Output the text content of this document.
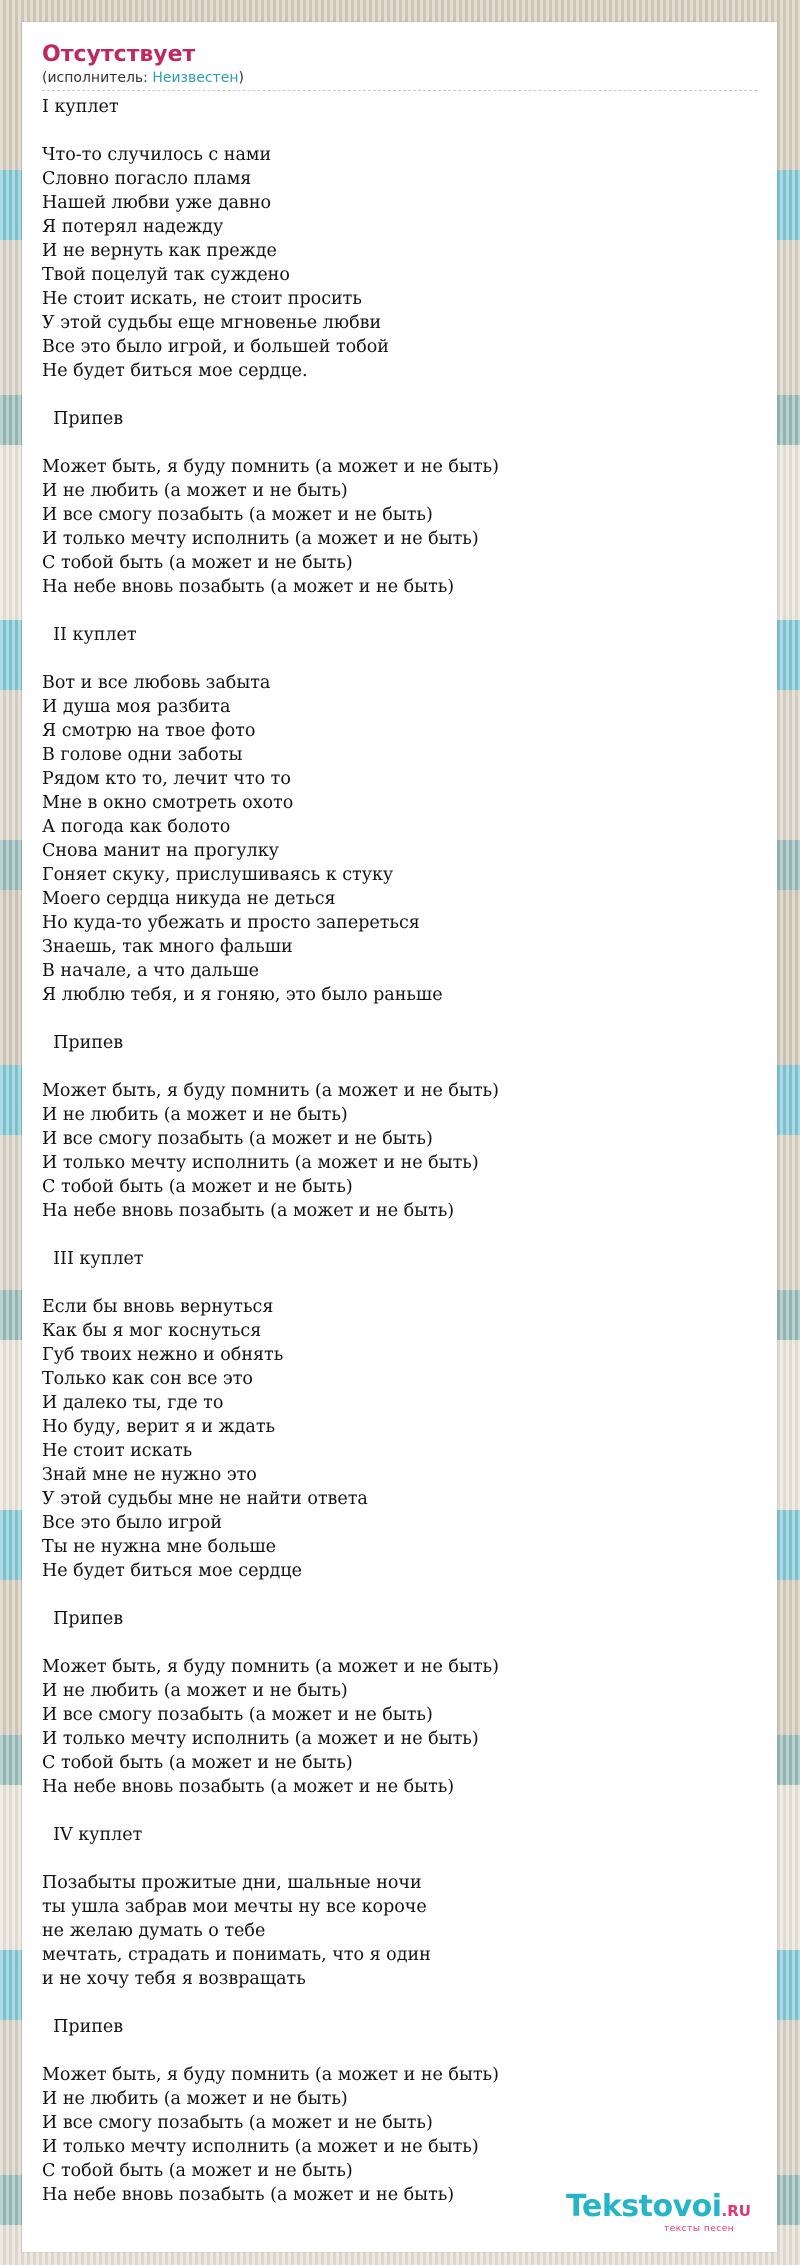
Отсутствует
(исполнитель: Неизвестен)
I куплет
Что-то случилось с нами
Словно погасло пламя
Нашей любви уже давно
Я потерял надежду
И не вернуть как прежде
Твой поцелуй так суждено
Не стоит искать, не стоит просить
У этой судьбы еще мгновенье любви
Все это было игрой, и большей тобой
Не будет биться мое сердце.
Припев
Может быть, я буду помнить (а может и не быть)
И не любить (а может и не быть)
И все смогу позабыть (а может и не быть)
И только мечту исполнить (а может и не быть)
С тобой быть (а может и не быть)
На небе вновь позабыть (а может и не быть)
II куплет
Вот и все любовь забыта
И душа моя разбита
Я смотрю на твое фото
В голове одни заботы
Рядом кто то, лечит что то
Мне в окно смотреть охото
А погода как болото
Снова манит на прогулку
Гоняет скуку, прислушиваясь к стуку
Моего сердца никуда не деться
Но куда-то убежать и просто запереться
Знаешь, так много фальши
В начале, а что дальше
Я люблю тебя, и я гоняю, это было раньше
Припев
Может быть, я буду помнить (а может и не быть)
И не любить (а может и не быть)
И все смогу позабыть (а может и не быть)
И только мечту исполнить (а может и не быть)
С тобой быть (а может и не быть)
На небе вновь позабыть (а может и не быть)
III куплет
Если бы вновь вернуться
Как бы я мог коснуться
Губ твоих нежно и обнять
Только как сон все это
И далеко ты, где то
Но буду, верит я и ждать
Не стоит искать
Знай мне не нужно это
У этой судьбы мне не найти ответа
Все это было игрой
Ты не нужна мне больше
Не будет биться мое сердце
Припев
Может быть, я буду помнить (а может и не быть)
И не любить (а может и не быть)
И все смогу позабыть (а может и не быть)
И только мечту исполнить (а может и не быть)
С тобой быть (а может и не быть)
На небе вновь позабыть (а может и не быть)
IV куплет
Позабыты прожитые дни, шальные ночи
ты ушла забрав мои мечты ну все короче
не желаю думать о тебе
мечтать, страдать и понимать, что я один
и не хочу тебя я возвращать
Припев
Может быть, я буду помнить (а может и не быть)
И не любить (а может и не быть)
И все смогу позабыть (а может и не быть)
И только мечту исполнить (а может и не быть)
С тобой быть (а может и не быть)
На небе вновь позабыть (а может и не быть)	Tekstovoi.RU
тексты песен
